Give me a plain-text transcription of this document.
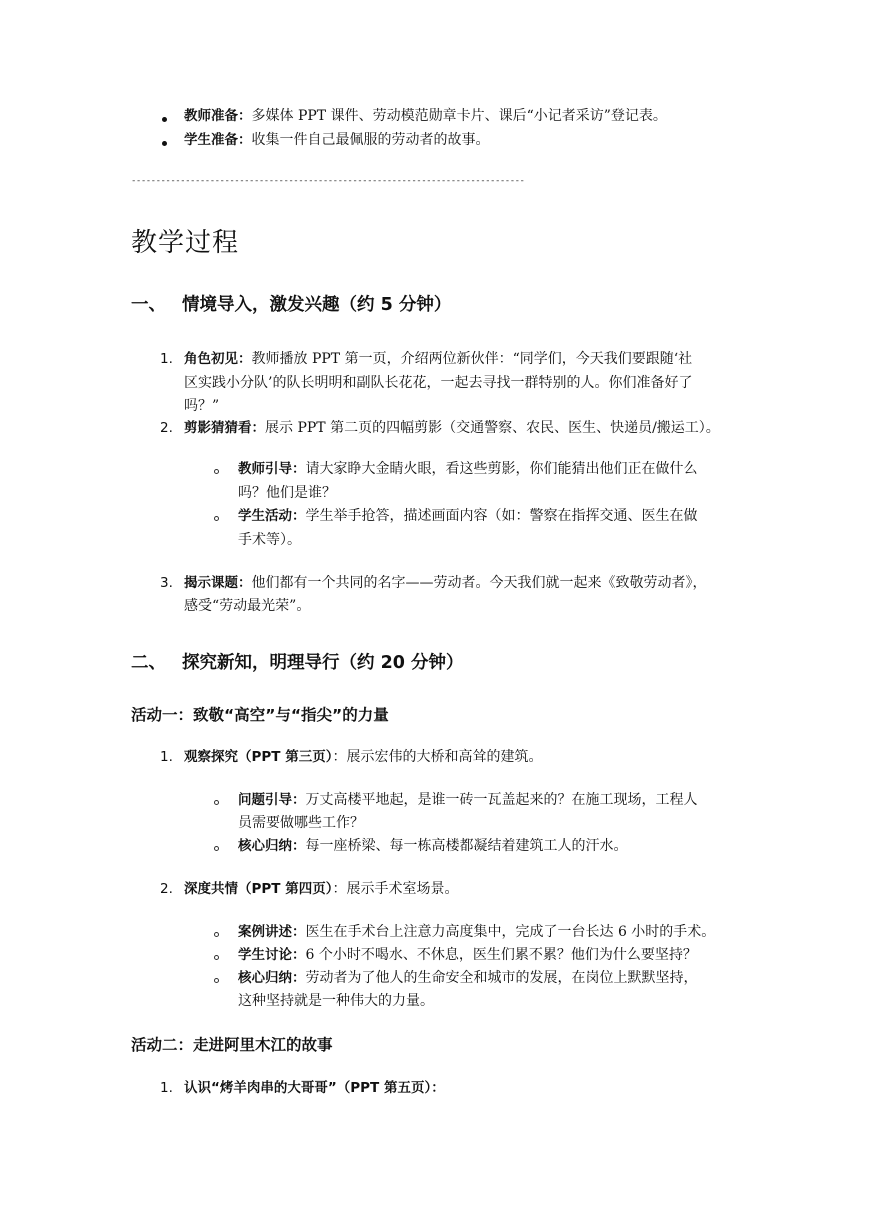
教师准备：多媒体 PPT 课件、劳动模范勋章卡片、课后“小记者采访”登记表。
学生准备：收集一件自己最佩服的劳动者的故事。
--------------------------------------------------------------------------------
教学过程
一、 情境导入，激发兴趣（约 5 分钟）
1. 角色初见：教师播放 PPT 第一页，介绍两位新伙伴：“同学们，今天我们要跟随‘社
区实践小分队’的队长明明和副队长花花，一起去寻找一群特别的人。你们准备好了
吗？”
2. 剪影猜猜看：展示 PPT 第二页的四幅剪影（交通警察、农民、医生、快递员/搬运工）。
教师引导：请大家睁大金睛火眼，看这些剪影，你们能猜出他们正在做什么
吗？他们是谁？
学生活动：学生举手抢答，描述画面内容（如：警察在指挥交通、医生在做
手术等）。
3. 揭示课题：他们都有一个共同的名字——劳动者。今天我们就一起来《致敬劳动者》，
感受“劳动最光荣”。
二、 探究新知，明理导行（约 20 分钟）
活动一：致敬“高空”与“指尖”的力量
1. 观察探究（PPT 第三页）：展示宏伟的大桥和高耸的建筑。
问题引导：万丈高楼平地起，是谁一砖一瓦盖起来的？在施工现场，工程人
员需要做哪些工作？
核心归纳：每一座桥梁、每一栋高楼都凝结着建筑工人的汗水。
2. 深度共情（PPT 第四页）：展示手术室场景。
案例讲述：医生在手术台上注意力高度集中，完成了一台长达 6 小时的手术。
学生讨论：6 个小时不喝水、不休息，医生们累不累？他们为什么要坚持？
核心归纳：劳动者为了他人的生命安全和城市的发展，在岗位上默默坚持，
这种坚持就是一种伟大的力量。
活动二：走进阿里木江的故事
1. 认识“烤羊肉串的大哥哥”（PPT 第五页）：
